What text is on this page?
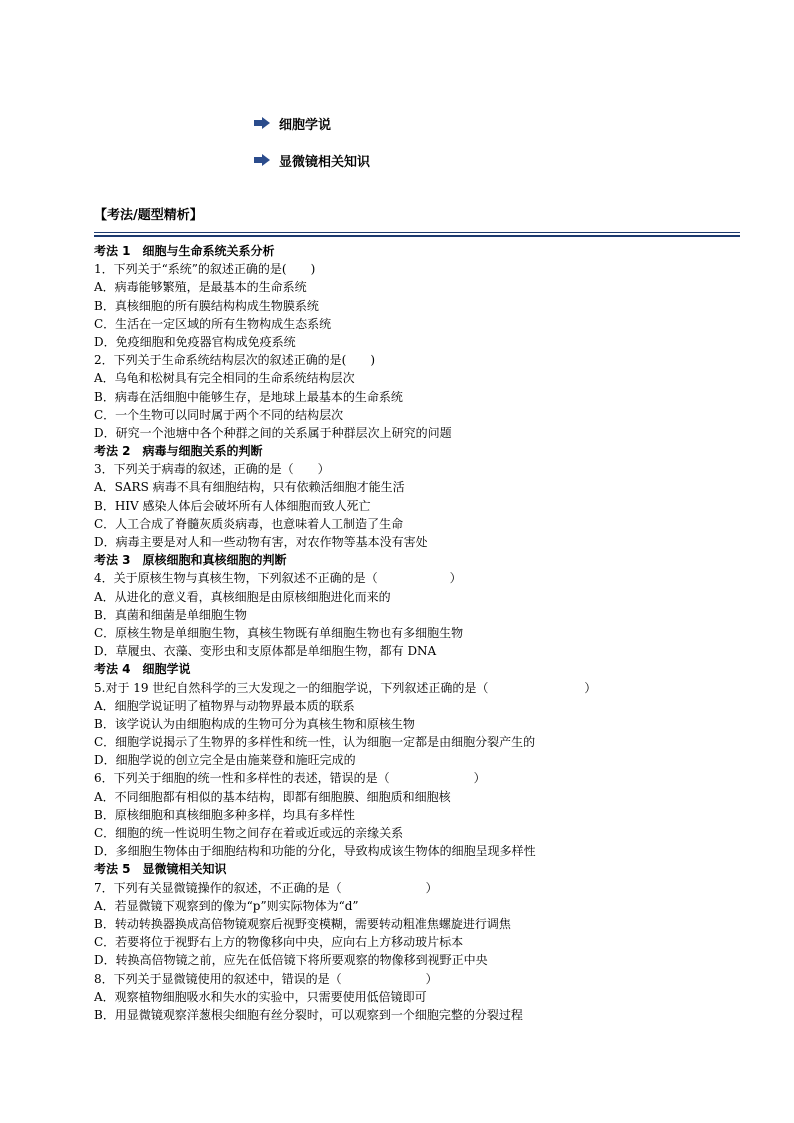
细胞学说
显微镜相关知识
【考法/题型精析】
考法 1　细胞与生命系统关系分析
1．下列关于“系统”的叙述正确的是(　　)
A．病毒能够繁殖，是最基本的生命系统
B．真核细胞的所有膜结构构成生物膜系统
C．生活在一定区域的所有生物构成生态系统
D．免疫细胞和免疫器官构成免疫系统
2．下列关于生命系统结构层次的叙述正确的是(　　)
A．乌龟和松树具有完全相同的生命系统结构层次
B．病毒在活细胞中能够生存，是地球上最基本的生命系统
C．一个生物可以同时属于两个不同的结构层次
D．研究一个池塘中各个种群之间的关系属于种群层次上研究的问题
考法 2　病毒与细胞关系的判断
3．下列关于病毒的叙述，正确的是（　　）
A．SARS 病毒不具有细胞结构，只有依赖活细胞才能生活
B．HIV 感染人体后会破坏所有人体细胞而致人死亡
C．人工合成了脊髓灰质炎病毒，也意味着人工制造了生命
D．病毒主要是对人和一些动物有害，对农作物等基本没有害处
考法 3　原核细胞和真核细胞的判断
4．关于原核生物与真核生物，下列叙述不正确的是（　　　　　　）
A．从进化的意义看，真核细胞是由原核细胞进化而来的
B．真菌和细菌是单细胞生物
C．原核生物是单细胞生物，真核生物既有单细胞生物也有多细胞生物
D．草履虫、衣藻、变形虫和支原体都是单细胞生物，都有 DNA
考法 4　细胞学说
5.对于 19 世纪自然科学的三大发现之一的细胞学说，下列叙述正确的是（　　　　　　　　）
A．细胞学说证明了植物界与动物界最本质的联系
B．该学说认为由细胞构成的生物可分为真核生物和原核生物
C．细胞学说揭示了生物界的多样性和统一性，认为细胞一定都是由细胞分裂产生的
D．细胞学说的创立完全是由施莱登和施旺完成的
6．下列关于细胞的统一性和多样性的表述，错误的是（　　　　　　　）
A．不同细胞都有相似的基本结构，即都有细胞膜、细胞质和细胞核
B．原核细胞和真核细胞多种多样，均具有多样性
C．细胞的统一性说明生物之间存在着或近或远的亲缘关系
D．多细胞生物体由于细胞结构和功能的分化，导致构成该生物体的细胞呈现多样性
考法 5　显微镜相关知识
7．下列有关显微镜操作的叙述，不正确的是（　　　　　　　）
A．若显微镜下观察到的像为“p”则实际物体为“d”
B．转动转换器换成高倍物镜观察后视野变模糊，需要转动粗准焦螺旋进行调焦
C．若要将位于视野右上方的物像移向中央，应向右上方移动玻片标本
D．转换高倍物镜之前，应先在低倍镜下将所要观察的物像移到视野正中央
8．下列关于显微镜使用的叙述中，错误的是（　　　　　　　）
A．观察植物细胞吸水和失水的实验中，只需要使用低倍镜即可
B．用显微镜观察洋葱根尖细胞有丝分裂时，可以观察到一个细胞完整的分裂过程
